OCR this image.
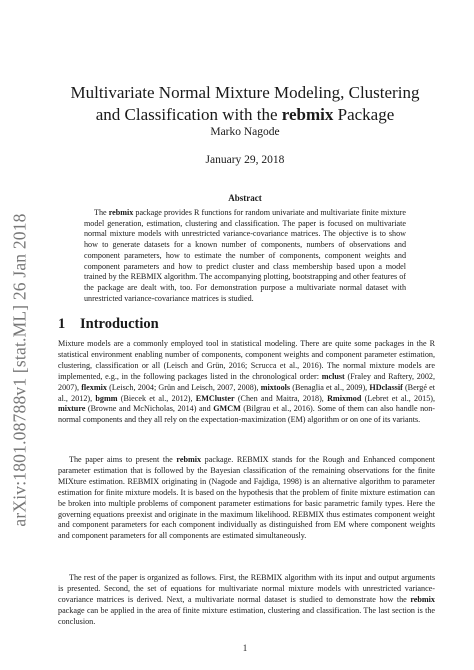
arXiv:1801.08788v1 [stat.ML] 26 Jan 2018
Multivariate Normal Mixture Modeling, Clustering and Classification with the rebmix Package

Marko Nagode

January 29, 2018

Abstract

The rebmix package provides R functions for random univariate and multivariate finite mixture model generation, estimation, clustering and classification. The paper is focused on multivariate normal mixture models with unrestricted variance-covariance matrices. The objective is to show how to generate datasets for a known number of components, numbers of observations and component parameters, how to estimate the number of components, component weights and component parameters and how to predict cluster and class membership based upon a model trained by the REBMIX algorithm. The accompanying plotting, bootstrapping and other features of the package are dealt with, too. For demonstration purpose a multivariate normal dataset with unrestricted variance-covariance matrices is studied.

1 Introduction

Mixture models are a commonly employed tool in statistical modeling. There are quite some packages in the R statistical environment enabling number of components, component weights and component parameter estimation, clustering, classification or all (Leisch and Grün, 2016; Scrucca et al., 2016). The normal mixture models are implemented, e.g., in the following packages listed in the chronological order: mclust (Fraley and Raftery, 2002, 2007), flexmix (Leisch, 2004; Grün and Leisch, 2007, 2008), mixtools (Benaglia et al., 2009), HDclassif (Bergé et al., 2012), bgmm (Biecek et al., 2012), EMCluster (Chen and Maitra, 2018), Rmixmod (Lebret et al., 2015), mixture (Browne and McNicholas, 2014) and GMCM (Bilgrau et al., 2016). Some of them can also handle non-normal components and they all rely on the expectation-maximization (EM) algorithm or on one of its variants.

The paper aims to present the rebmix package. REBMIX stands for the Rough and Enhanced component parameter estimation that is followed by the Bayesian classification of the remaining observations for the finite MIXture estimation. REBMIX originating in (Nagode and Fajdiga, 1998) is an alternative algorithm to parameter estimation for finite mixture models. It is based on the hypothesis that the problem of finite mixture estimation can be broken into multiple problems of component parameter estimations for basic parametric family types. Here the governing equations preexist and originate in the maximum likelihood. REBMIX thus estimates component weight and component parameters for each component individually as distinguished from EM where component weights and component parameters for all components are estimated simultaneously.

The rest of the paper is organized as follows. First, the REBMIX algorithm with its input and output arguments is presented. Second, the set of equations for multivariate normal mixture models with unrestricted variance-covariance matrices is derived. Next, a multivariate normal dataset is studied to demonstrate how the rebmix package can be applied in the area of finite mixture estimation, clustering and classification. The last section is the conclusion.

1
